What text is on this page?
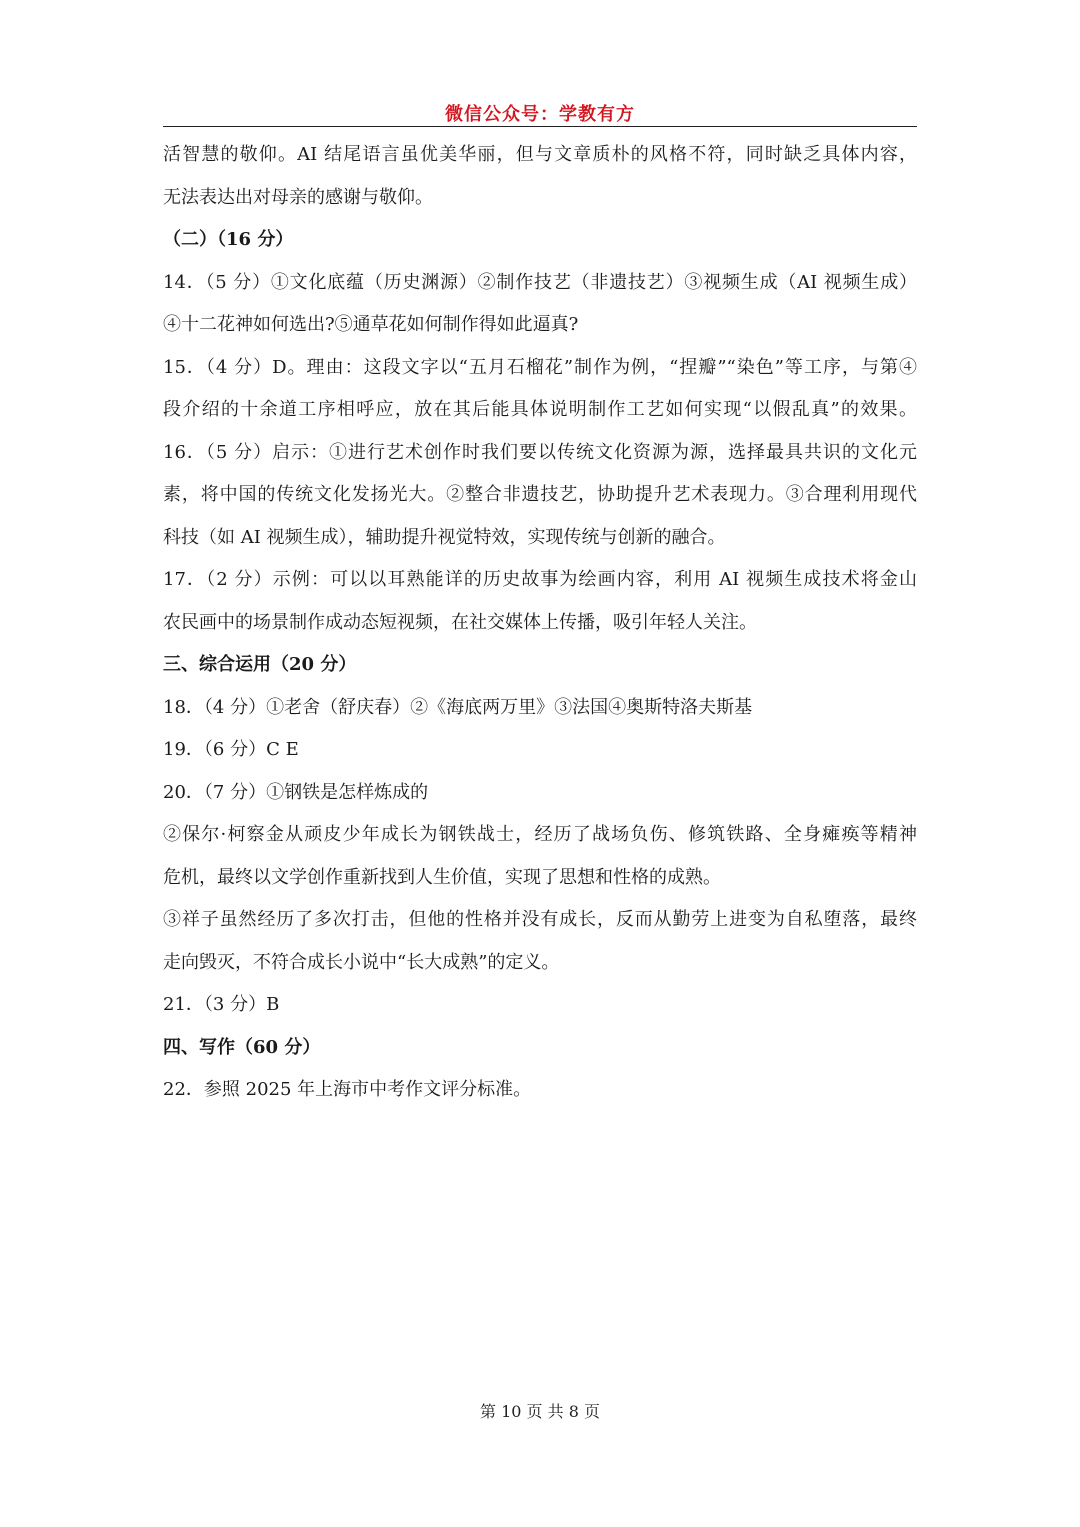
微信公众号：学教有方
活智慧的敬仰。AI 结尾语言虽优美华丽，但与文章质朴的风格不符，同时缺乏具体内容，
无法表达出对母亲的感谢与敬仰。
（二）（16 分）
14．（5 分）①文化底蕴（历史渊源）②制作技艺（非遗技艺）③视频生成（AI 视频生成）
④十二花神如何选出?⑤通草花如何制作得如此逼真?
15．（4 分）D。理由：这段文字以“五月石榴花”制作为例，“捏瓣”“染色”等工序，与第④
段介绍的十余道工序相呼应，放在其后能具体说明制作工艺如何实现“以假乱真”的效果。
16．（5 分）启示：①进行艺术创作时我们要以传统文化资源为源，选择最具共识的文化元
素，将中国的传统文化发扬光大。②整合非遗技艺，协助提升艺术表现力。③合理利用现代
科技（如 AI 视频生成），辅助提升视觉特效，实现传统与创新的融合。
17．（2 分）示例：可以以耳熟能详的历史故事为绘画内容，利用 AI 视频生成技术将金山
农民画中的场景制作成动态短视频，在社交媒体上传播，吸引年轻人关注。
三、综合运用（20 分）
18．（4 分）①老舍（舒庆春）②《海底两万里》③法国④奥斯特洛夫斯基
19．（6 分）C E
20．（7 分）①钢铁是怎样炼成的
②保尔·柯察金从顽皮少年成长为钢铁战士，经历了战场负伤、修筑铁路、全身瘫痪等精神
危机，最终以文学创作重新找到人生价值，实现了思想和性格的成熟。
③祥子虽然经历了多次打击，但他的性格并没有成长，反而从勤劳上进变为自私堕落，最终
走向毁灭，不符合成长小说中“长大成熟”的定义。
21．（3 分）B
四、写作（60 分）
22．参照 2025 年上海市中考作文评分标准。
第 10 页 共 8 页
